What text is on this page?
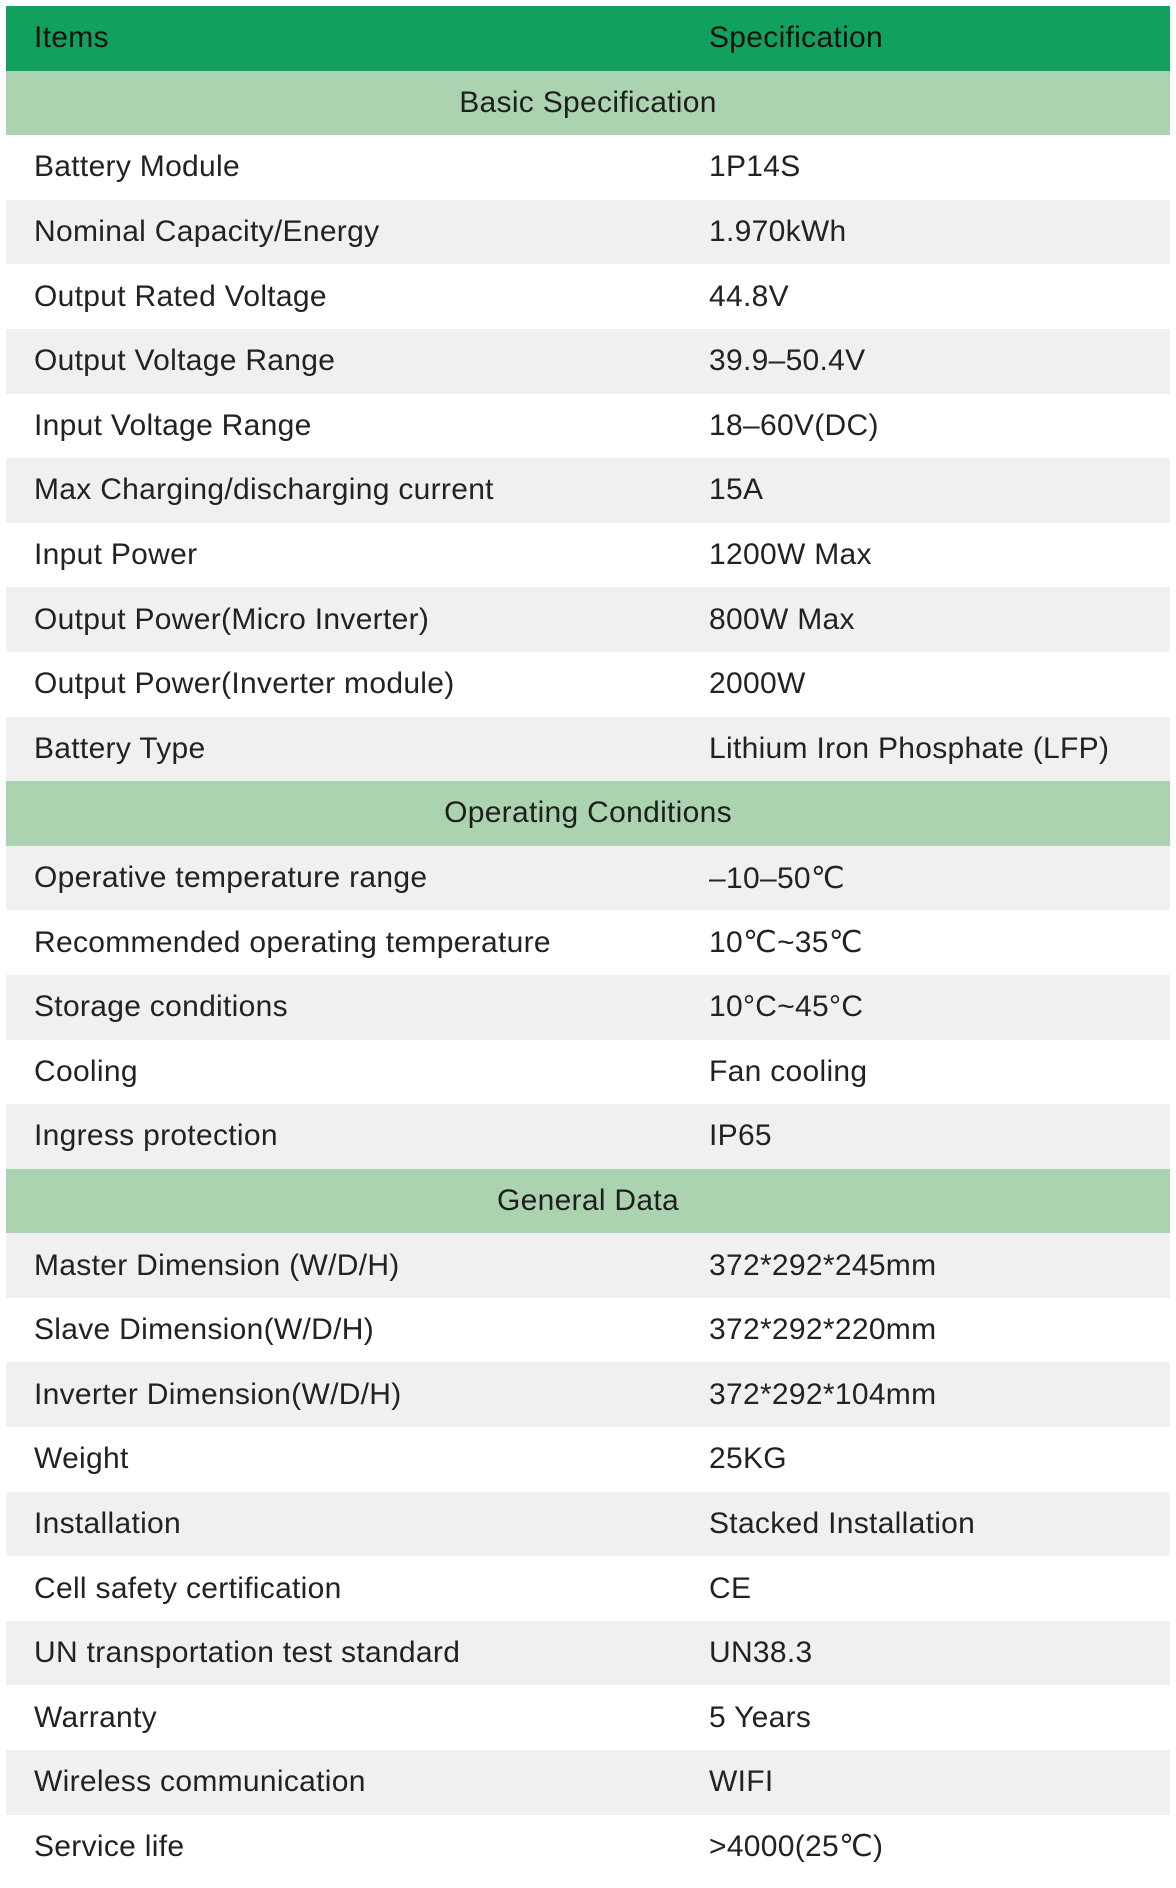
Items	Specification
Basic Specification
Battery Module	1P14S
Nominal Capacity/Energy	1.970kWh
Output Rated Voltage	44.8V
Output Voltage Range	39.9–50.4V
Input Voltage Range	18–60V(DC)
Max Charging/discharging current	15A
Input Power	1200W Max
Output Power(Micro Inverter)	800W Max
Output Power(Inverter module)	2000W
Battery Type	Lithium Iron Phosphate (LFP)
Operating Conditions
Operative temperature range	–10–50℃
Recommended operating temperature	10℃~35℃
Storage conditions	10°C~45°C
Cooling	Fan cooling
Ingress protection	IP65
General Data
Master Dimension (W/D/H)	372*292*245mm
Slave Dimension(W/D/H)	372*292*220mm
Inverter Dimension(W/D/H)	372*292*104mm
Weight	25KG
Installation	Stacked Installation
Cell safety certification	CE
UN transportation test standard	UN38.3
Warranty	5 Years
Wireless communication	WIFI
Service life	>4000(25℃)
